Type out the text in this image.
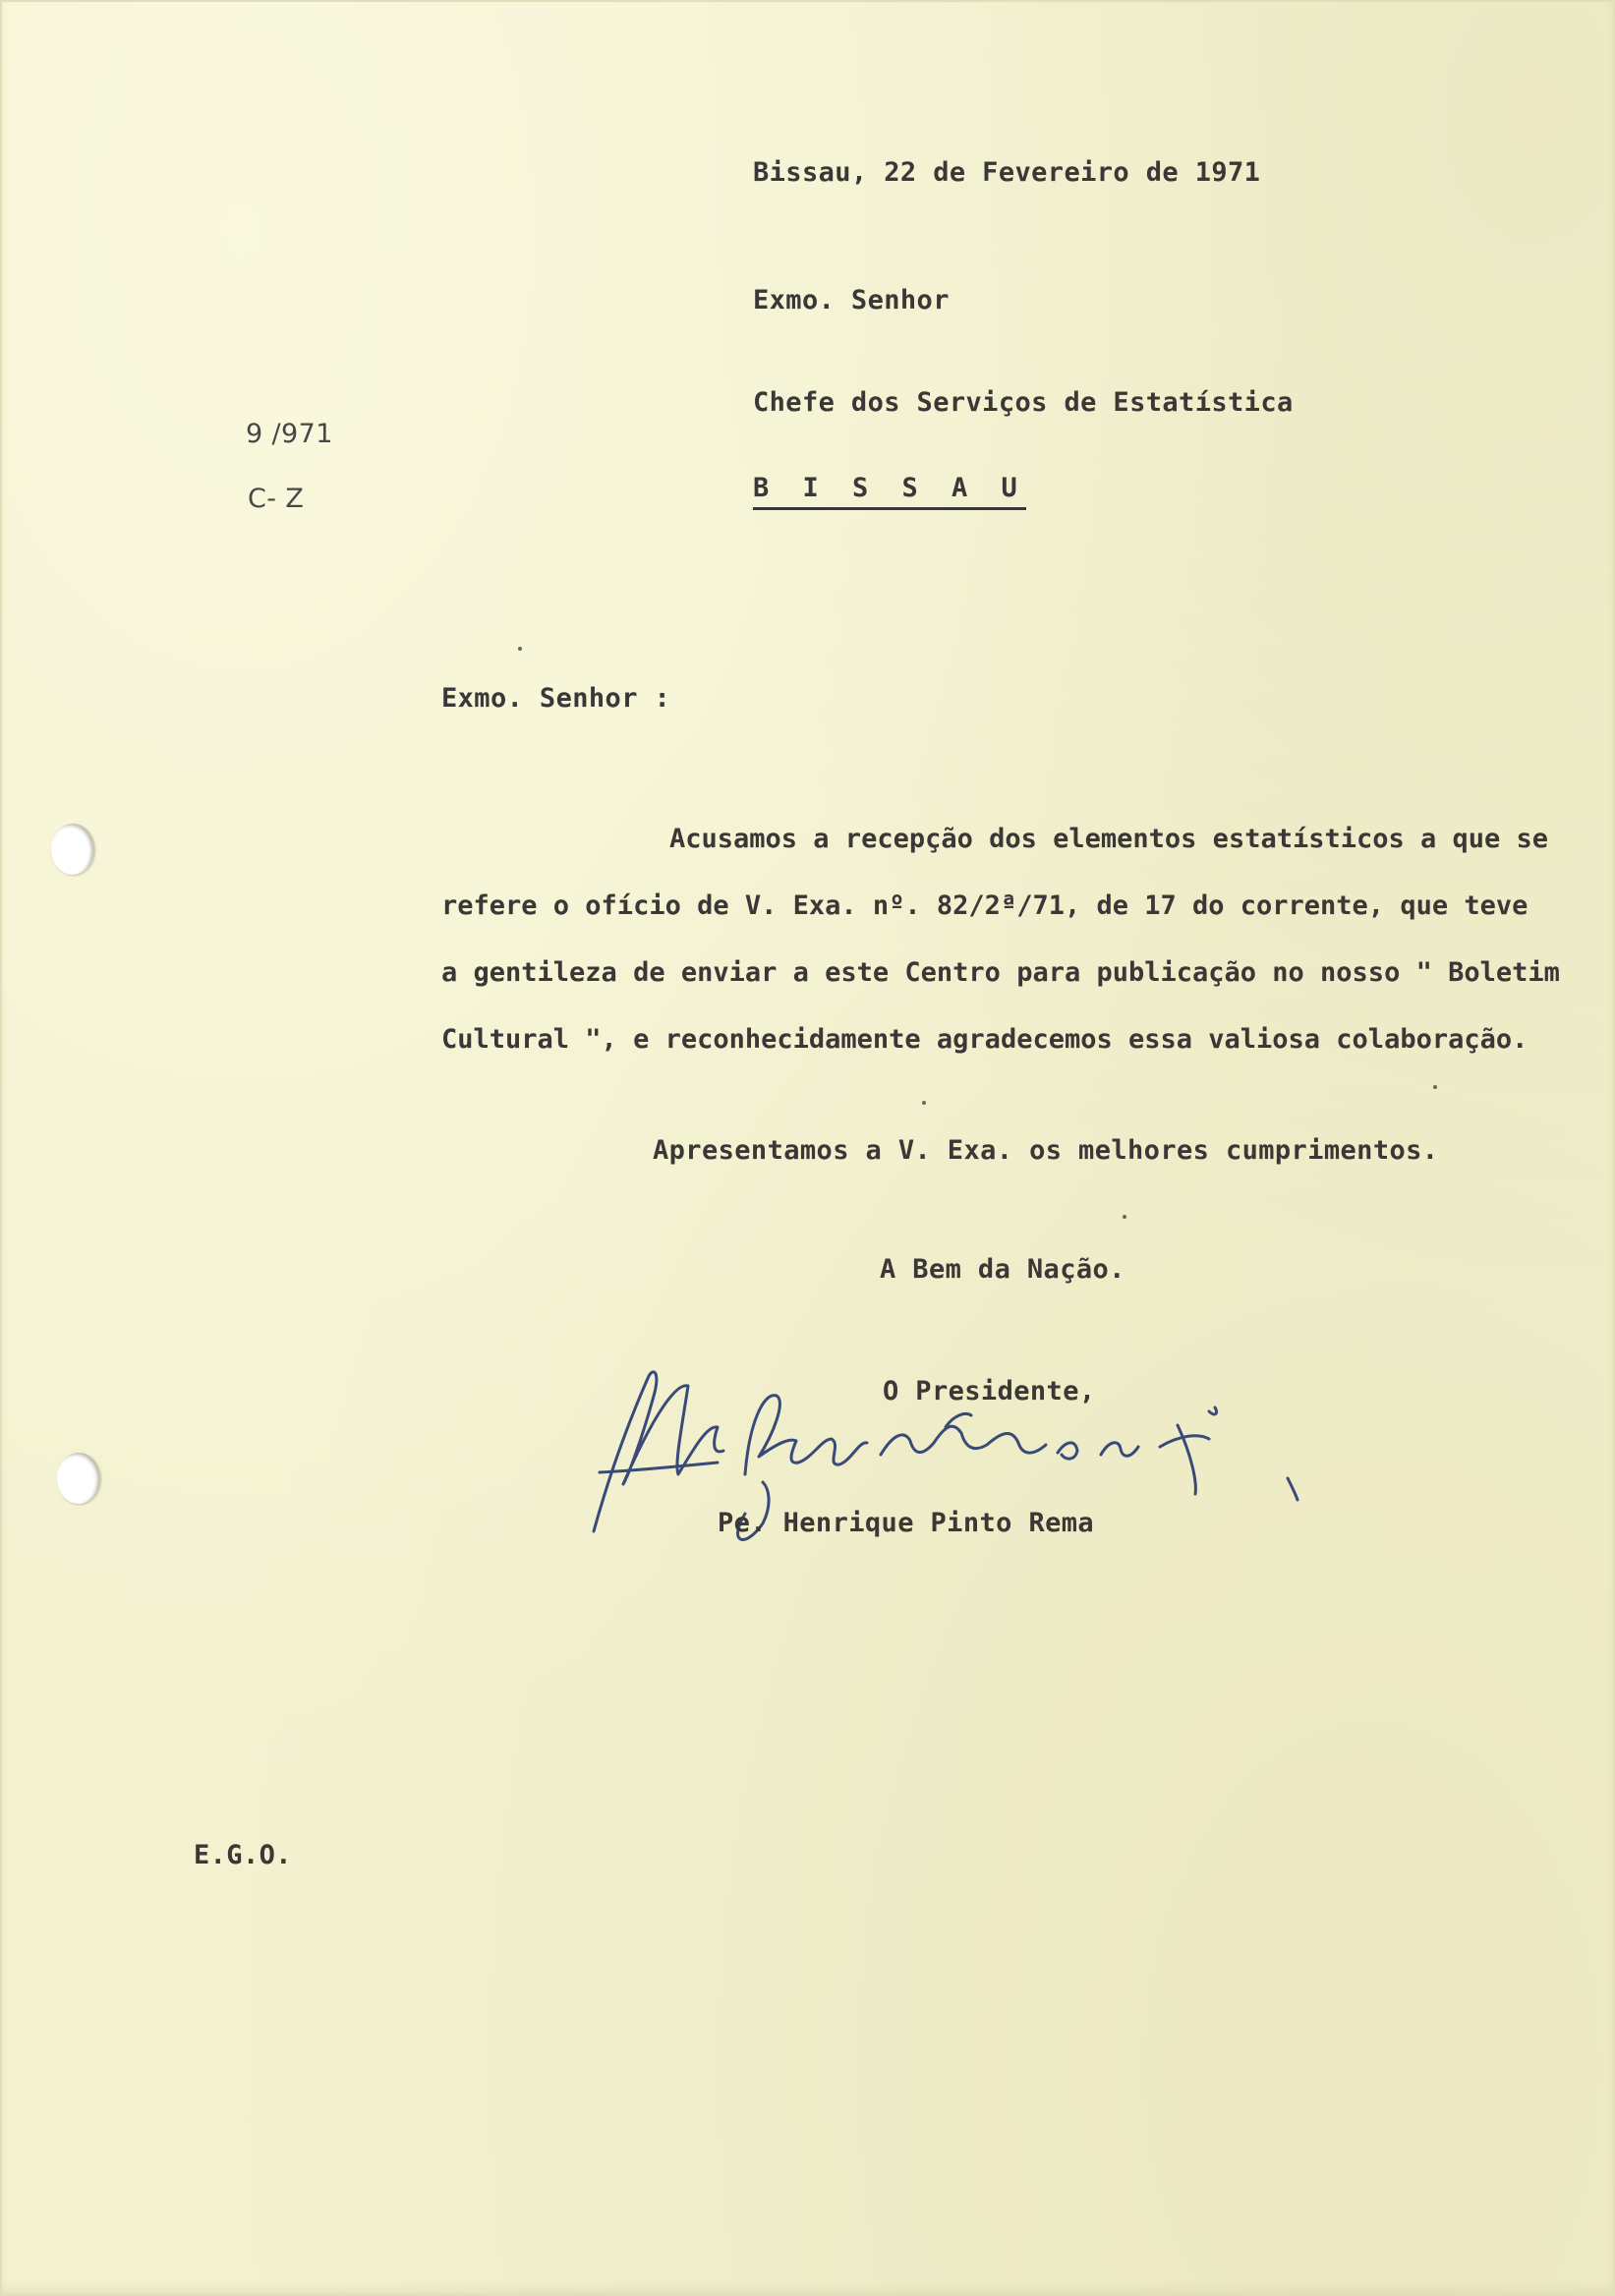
Bissau, 22 de Fevereiro de 1971
Exmo. Senhor
Chefe dos Serviços de Estatística
B I S S A U
9 /971
C- Z
Exmo. Senhor :
Acusamos a recepção dos elementos estatísticos a que se
refere o ofício de V. Exa. nº. 82/2ª/71, de 17 do corrente, que teve
a gentileza de enviar a este Centro para publicação no nosso " Boletim
Cultural ", e reconhecidamente agradecemos essa valiosa colaboração.
Apresentamos a V. Exa. os melhores cumprimentos.
A Bem da Nação.
O Presidente,
Pe. Henrique Pinto Rema
E.G.O.
